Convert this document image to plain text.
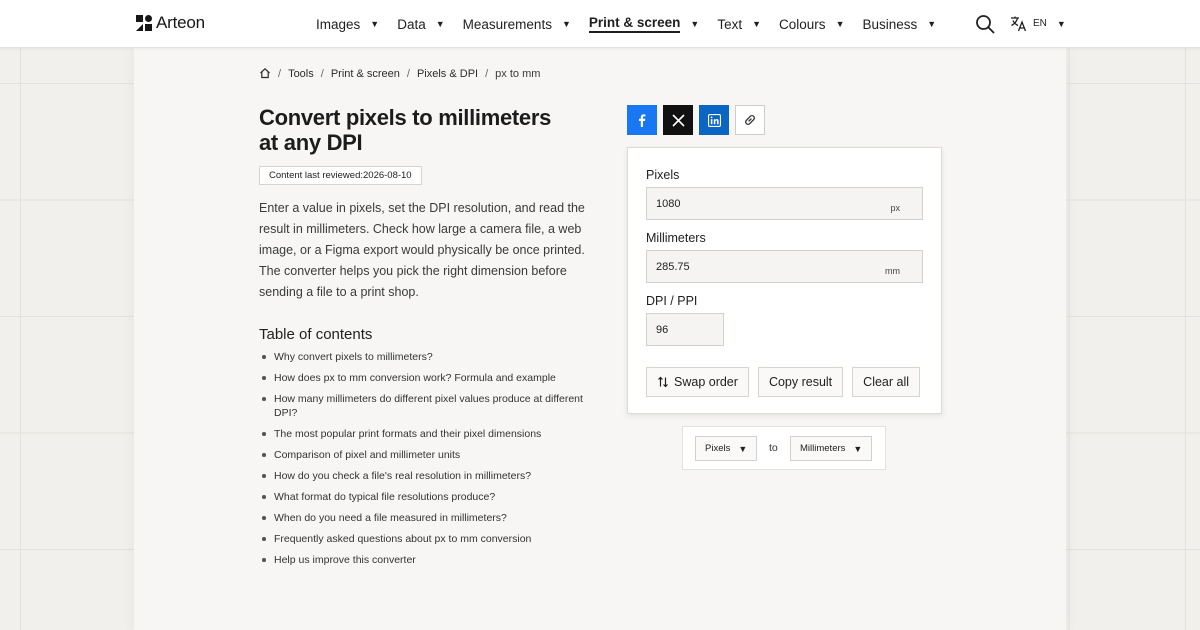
Arteon	Images ▼ Data ▼ Measurements ▼ Print & screen ▼ Text ▼ Colours ▼ Business ▼	EN ▼
/ Tools / Print & screen / Pixels & DPI / px to mm
Convert pixels to millimeters at any DPI
Content last reviewed:2026-08-10

Enter a value in pixels, set the DPI resolution, and read the result in millimeters. Check how large a camera file, a web image, or a Figma export would physically be once printed. The converter helps you pick the right dimension before sending a file to a print shop.

Table of contents
Why convert pixels to millimeters?
How does px to mm conversion work? Formula and example
How many millimeters do different pixel values produce at different DPI?
The most popular print formats and their pixel dimensions
Comparison of pixel and millimeter units
How do you check a file's real resolution in millimeters?
What format do typical file resolutions produce?
When do you need a file measured in millimeters?
Frequently asked questions about px to mm conversion
Help us improve this converter
Pixels
1080	px
Millimeters
285.75	mm
DPI / PPI
96
Swap order Copy result Clear all
Pixels ▼ to Millimeters ▼
